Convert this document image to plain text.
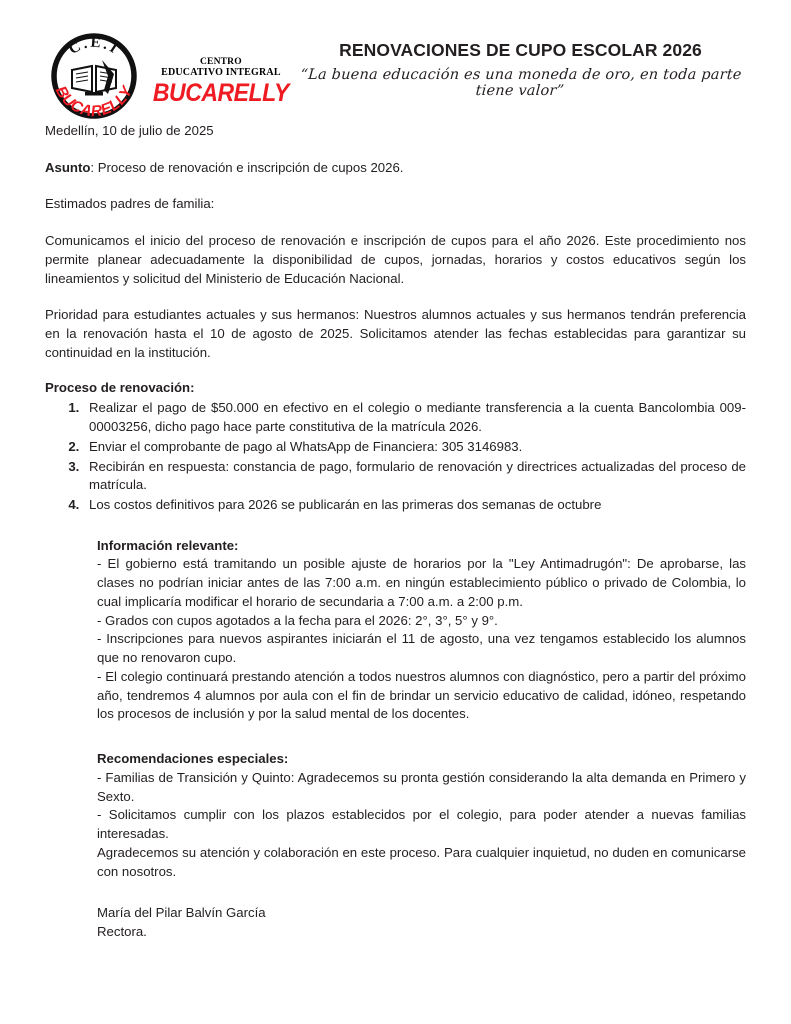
C.E.I
BUCARELLY
CENTRO
EDUCATIVO INTEGRAL
BUCARELLY
RENOVACIONES DE CUPO ESCOLAR 2026
“La buena educación es una moneda de oro, en toda parte tiene valor”

Medellín, 10 de julio de 2025

Asunto: Proceso de renovación e inscripción de cupos 2026.

Estimados padres de familia:

Comunicamos el inicio del proceso de renovación e inscripción de cupos para el año 2026. Este procedimiento nos permite planear adecuadamente la disponibilidad de cupos, jornadas, horarios y costos educativos según los lineamientos y solicitud del Ministerio de Educación Nacional.

Prioridad para estudiantes actuales y sus hermanos: Nuestros alumnos actuales y sus hermanos tendrán preferencia en la renovación hasta el 10 de agosto de 2025. Solicitamos atender las fechas establecidas para garantizar su continuidad en la institución.

Proceso de renovación:

1. Realizar el pago de $50.000 en efectivo en el colegio o mediante transferencia a la cuenta Bancolombia 009-00003256, dicho pago hace parte constitutiva de la matrícula 2026.
2. Enviar el comprobante de pago al WhatsApp de Financiera: 305 3146983.
3. Recibirán en respuesta: constancia de pago, formulario de renovación y directrices actualizadas del proceso de matrícula.
4. Los costos definitivos para 2026 se publicarán en las primeras dos semanas de octubre

Información relevante:

- El gobierno está tramitando un posible ajuste de horarios por la "Ley Antimadrugón": De aprobarse, las clases no podrían iniciar antes de las 7:00 a.m. en ningún establecimiento público o privado de Colombia, lo cual implicaría modificar el horario de secundaria a 7:00 a.m. a 2:00 p.m.

- Grados con cupos agotados a la fecha para el 2026: 2°, 3°, 5° y 9°.

- Inscripciones para nuevos aspirantes iniciarán el 11 de agosto, una vez tengamos establecido los alumnos que no renovaron cupo.

- El colegio continuará prestando atención a todos nuestros alumnos con diagnóstico, pero a partir del próximo año, tendremos 4 alumnos por aula con el fin de brindar un servicio educativo de calidad, idóneo, respetando los procesos de inclusión y por la salud mental de los docentes.

Recomendaciones especiales:

- Familias de Transición y Quinto: Agradecemos su pronta gestión considerando la alta demanda en Primero y Sexto.

- Solicitamos cumplir con los plazos establecidos por el colegio, para poder atender a nuevas familias interesadas.

Agradecemos su atención y colaboración en este proceso. Para cualquier inquietud, no duden en comunicarse con nosotros.

María del Pilar Balvín García

Rectora.
